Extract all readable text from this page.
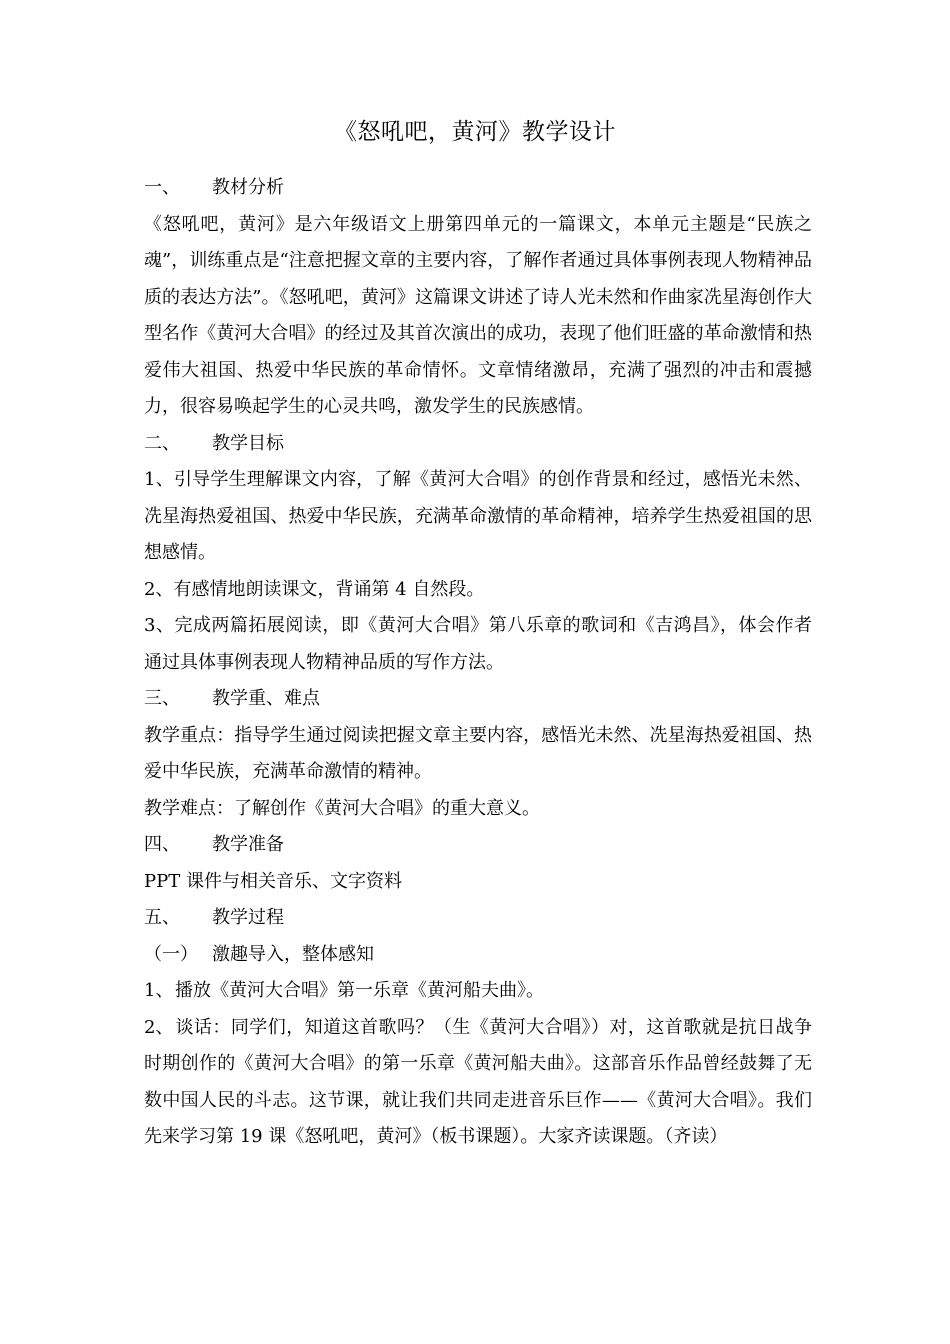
《怒吼吧，黄河》教学设计

一、 教材分析

《怒吼吧，黄河》是六年级语文上册第四单元的一篇课文，本单元主题是“民族之魂”，训练重点是“注意把握文章的主要内容，了解作者通过具体事例表现人物精神品质的表达方法”。《怒吼吧，黄河》这篇课文讲述了诗人光未然和作曲家冼星海创作大型名作《黄河大合唱》的经过及其首次演出的成功，表现了他们旺盛的革命激情和热爱伟大祖国、热爱中华民族的革命情怀。文章情绪激昂，充满了强烈的冲击和震撼力，很容易唤起学生的心灵共鸣，激发学生的民族感情。

二、 教学目标

1、引导学生理解课文内容，了解《黄河大合唱》的创作背景和经过，感悟光未然、冼星海热爱祖国、热爱中华民族，充满革命激情的革命精神，培养学生热爱祖国的思想感情。

2、有感情地朗读课文，背诵第 4 自然段。

3、完成两篇拓展阅读，即《黄河大合唱》第八乐章的歌词和《吉鸿昌》，体会作者通过具体事例表现人物精神品质的写作方法。

三、 教学重、难点

教学重点：指导学生通过阅读把握文章主要内容，感悟光未然、冼星海热爱祖国、热爱中华民族，充满革命激情的精神。

教学难点：了解创作《黄河大合唱》的重大意义。

四、 教学准备

PPT 课件与相关音乐、文字资料

五、 教学过程

（一） 激趣导入，整体感知

1、播放《黄河大合唱》第一乐章《黄河船夫曲》。

2、谈话：同学们，知道这首歌吗？（生《黄河大合唱》）对，这首歌就是抗日战争时期创作的《黄河大合唱》的第一乐章《黄河船夫曲》。这部音乐作品曾经鼓舞了无数中国人民的斗志。这节课，就让我们共同走进音乐巨作——《黄河大合唱》。我们先来学习第 19 课《怒吼吧，黄河》（板书课题）。大家齐读课题。（齐读）
